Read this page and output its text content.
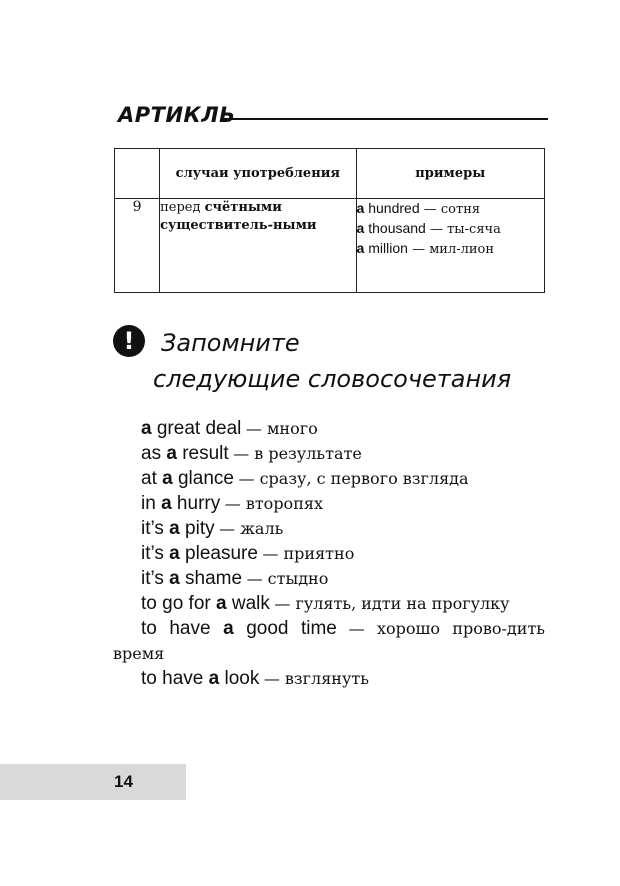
АРТИКЛЬ
	случаи употребления	примеры
9	перед счётными существитель-ными	a hundred — сотня
a thousand — ты-сяча
a million — мил-лион
!	Запомните
следующие словосочетания
a great deal — много
as a result — в результате
at a glance — сразу, с первого взгляда
in a hurry — второпях
it’s a pity — жаль
it’s a pleasure — приятно
it’s a shame — стыдно
to go for a walk — гулять, идти на прогулку
to have a good time — хорошо прово-дить время
to have a look — взглянуть
14
